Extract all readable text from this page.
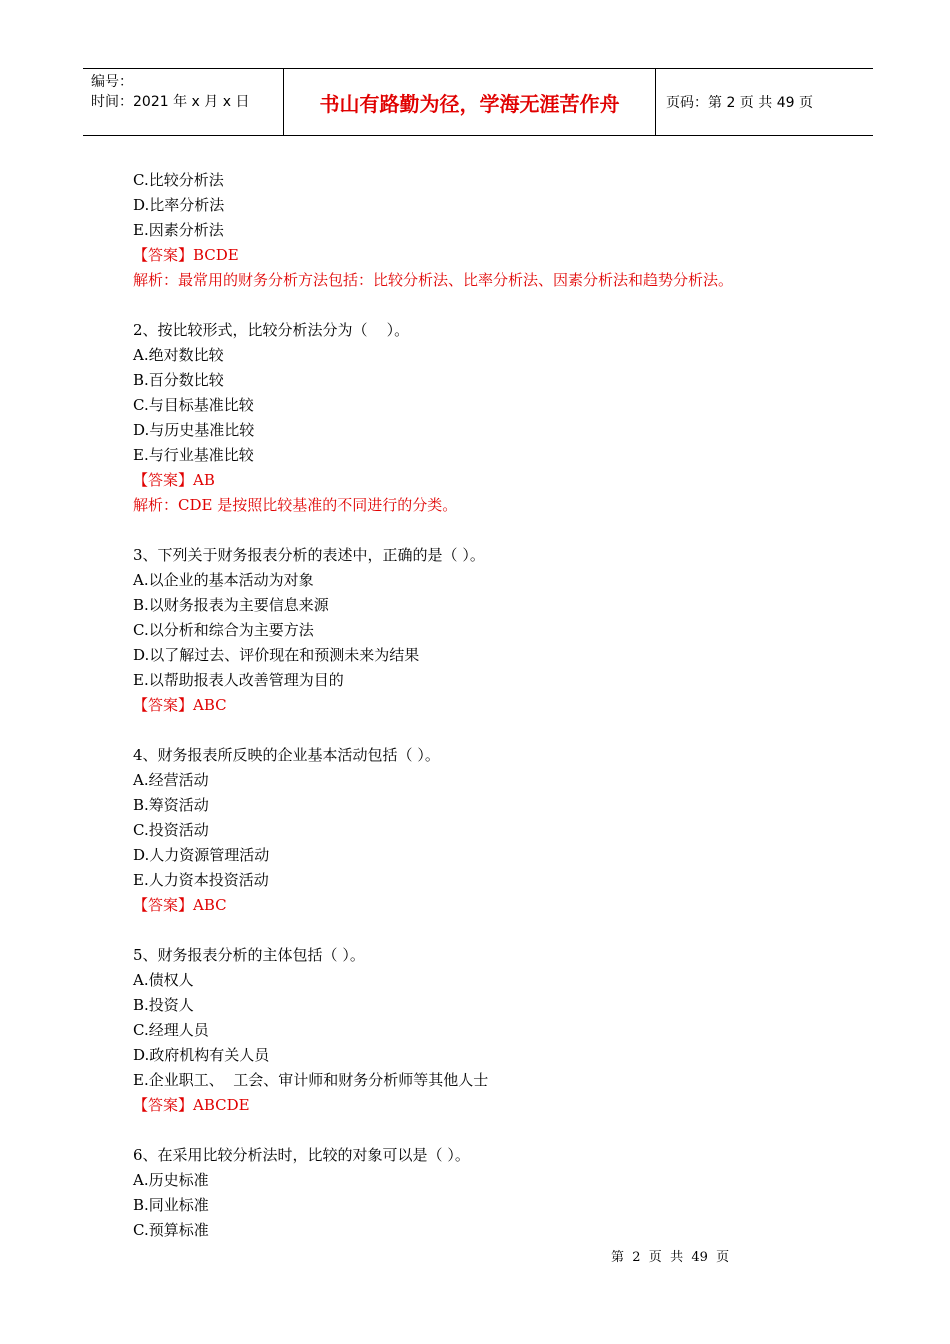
编号：
时间：2021 年 x 月 x 日	书山有路勤为径，学海无涯苦作舟	页码：第 2 页 共 49 页
C.比较分析法
D.比率分析法
E.因素分析法
【答案】BCDE
解析：最常用的财务分析方法包括：比较分析法、比率分析法、因素分析法和趋势分析法。
2、按比较形式，比较分析法分为（    ）。
A.绝对数比较
B.百分数比较
C.与目标基准比较
D.与历史基准比较
E.与行业基准比较
【答案】AB
解析：CDE 是按照比较基准的不同进行的分类。
3、下列关于财务报表分析的表述中，正确的是（ ）。
A.以企业的基本活动为对象
B.以财务报表为主要信息来源
C.以分析和综合为主要方法
D.以了解过去、评价现在和预测未来为结果
E.以帮助报表人改善管理为目的
【答案】ABC
4、财务报表所反映的企业基本活动包括（ ）。
A.经营活动
B.筹资活动
C.投资活动
D.人力资源管理活动
E.人力资本投资活动
【答案】ABC
5、财务报表分析的主体包括（ ）。
A.债权人
B.投资人
C.经理人员
D.政府机构有关人员
E.企业职工、  工会、审计师和财务分析师等其他人士
【答案】ABCDE
6、在采用比较分析法时，比较的对象可以是（ ）。
A.历史标准
B.同业标准
C.预算标准
第  2  页  共  49  页
